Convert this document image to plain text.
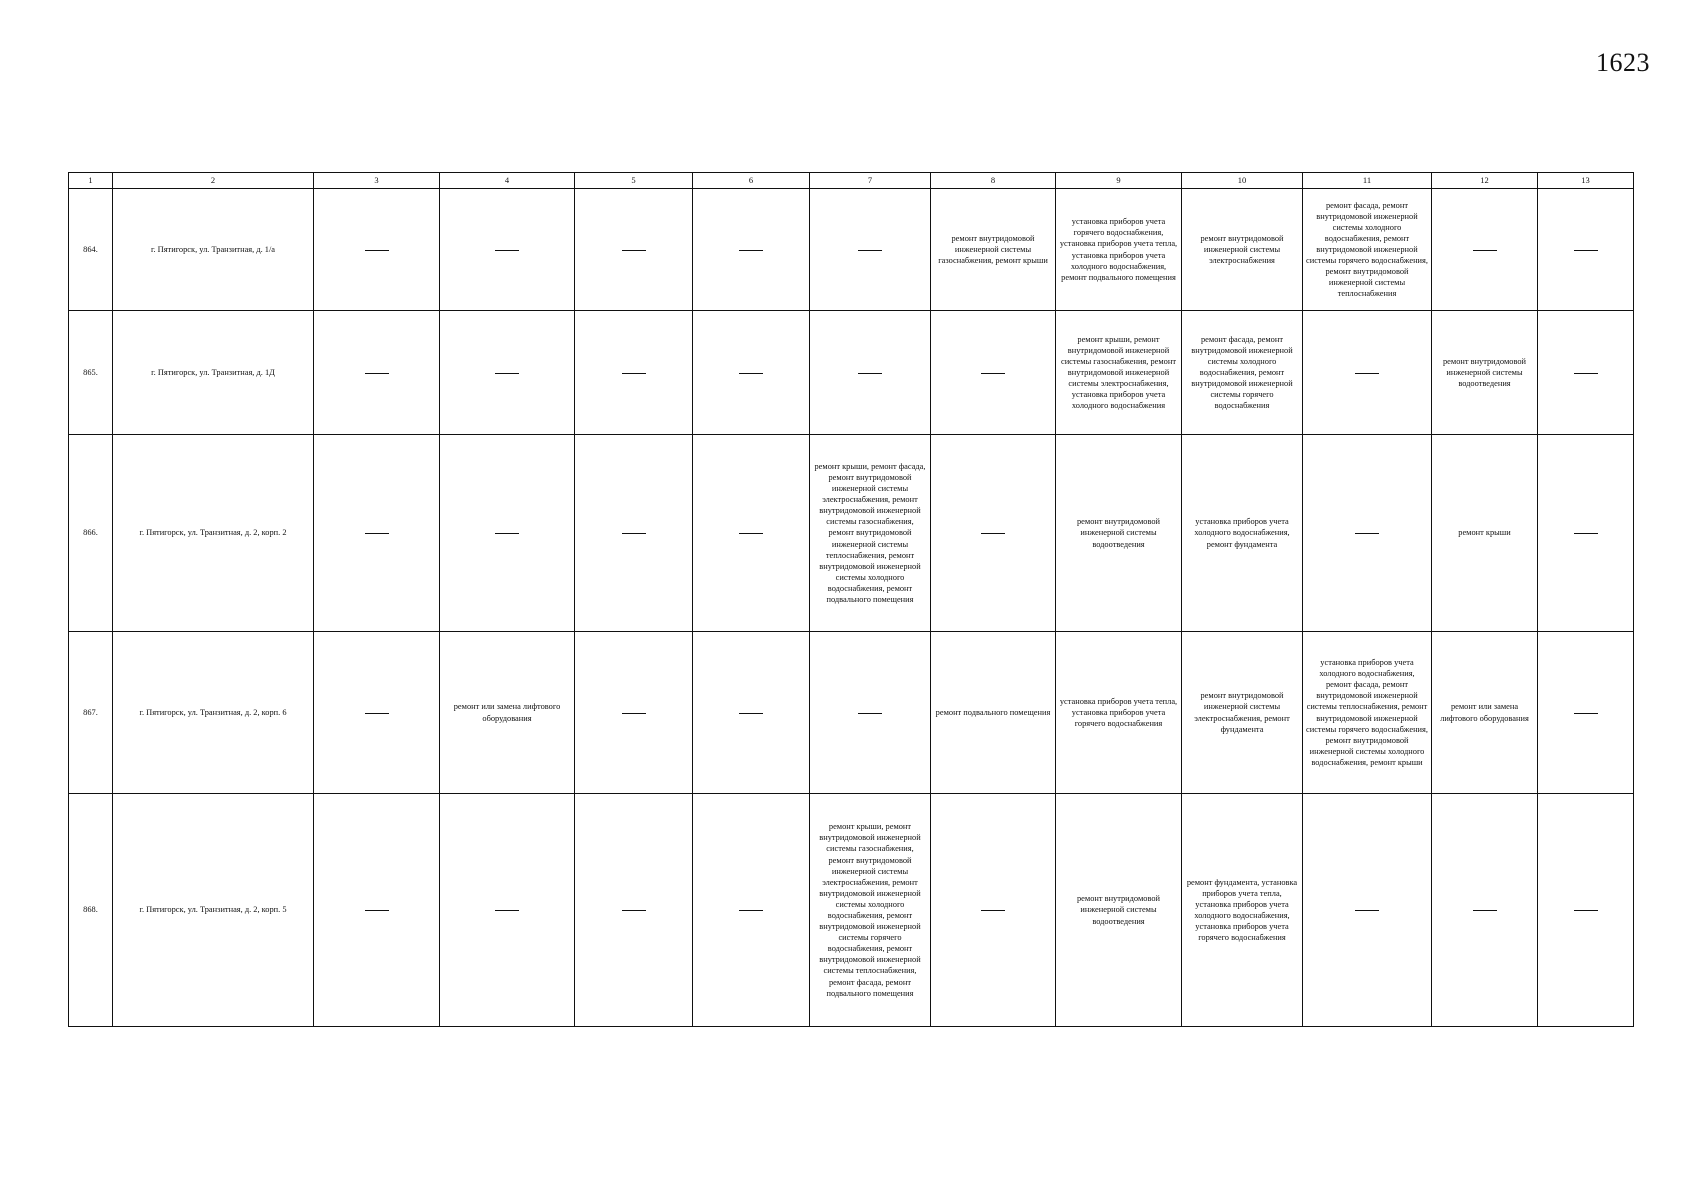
1623
1	2	3	4	5	6	7	8	9	10	11	12	13
864.	г. Пятигорск, ул. Транзитная, д. 1/а						ремонт внутридомовой инженерной системы газоснабжения, ремонт крыши	установка приборов учета горячего водоснабжения, установка приборов учета тепла, установка приборов учета холодного водоснабжения, ремонт подвального помещения	ремонт внутридомовой инженерной системы электроснабжения	ремонт фасада, ремонт внутридомовой инженерной системы холодного водоснабжения, ремонт внутридомовой инженерной системы горячего водоснабжения, ремонт внутридомовой инженерной системы теплоснабжения		
865.	г. Пятигорск, ул. Транзитная, д. 1Д							ремонт крыши, ремонт внутридомовой инженерной системы газоснабжения, ремонт внутридомовой инженерной системы электроснабжения, установка приборов учета холодного водоснабжения	ремонт фасада, ремонт внутридомовой инженерной системы холодного водоснабжения, ремонт внутридомовой инженерной системы горячего водоснабжения		ремонт внутридомовой инженерной системы водоотведения	
866.	г. Пятигорск, ул. Транзитная, д. 2, корп. 2					ремонт крыши, ремонт фасада, ремонт внутридомовой инженерной системы электроснабжения, ремонт внутридомовой инженерной системы газоснабжения, ремонт внутридомовой инженерной системы теплоснабжения, ремонт внутридомовой инженерной системы холодного водоснабжения, ремонт подвального помещения		ремонт внутридомовой инженерной системы водоотведения	установка приборов учета холодного водоснабжения, ремонт фундамента		ремонт крыши	
867.	г. Пятигорск, ул. Транзитная, д. 2, корп. 6		ремонт или замена лифтового оборудования				ремонт подвального помещения	установка приборов учета тепла, установка приборов учета горячего водоснабжения	ремонт внутридомовой инженерной системы электроснабжения, ремонт фундамента	установка приборов учета холодного водоснабжения, ремонт фасада, ремонт внутридомовой инженерной системы теплоснабжения, ремонт внутридомовой инженерной системы горячего водоснабжения, ремонт внутридомовой инженерной системы холодного водоснабжения, ремонт крыши	ремонт или замена лифтового оборудования	
868.	г. Пятигорск, ул. Транзитная, д. 2, корп. 5					ремонт крыши, ремонт внутридомовой инженерной системы газоснабжения, ремонт внутридомовой инженерной системы электроснабжения, ремонт внутридомовой инженерной системы холодного водоснабжения, ремонт внутридомовой инженерной системы горячего водоснабжения, ремонт внутридомовой инженерной системы теплоснабжения, ремонт фасада, ремонт подвального помещения		ремонт внутридомовой инженерной системы водоотведения	ремонт фундамента, установка приборов учета тепла, установка приборов учета холодного водоснабжения, установка приборов учета горячего водоснабжения			
